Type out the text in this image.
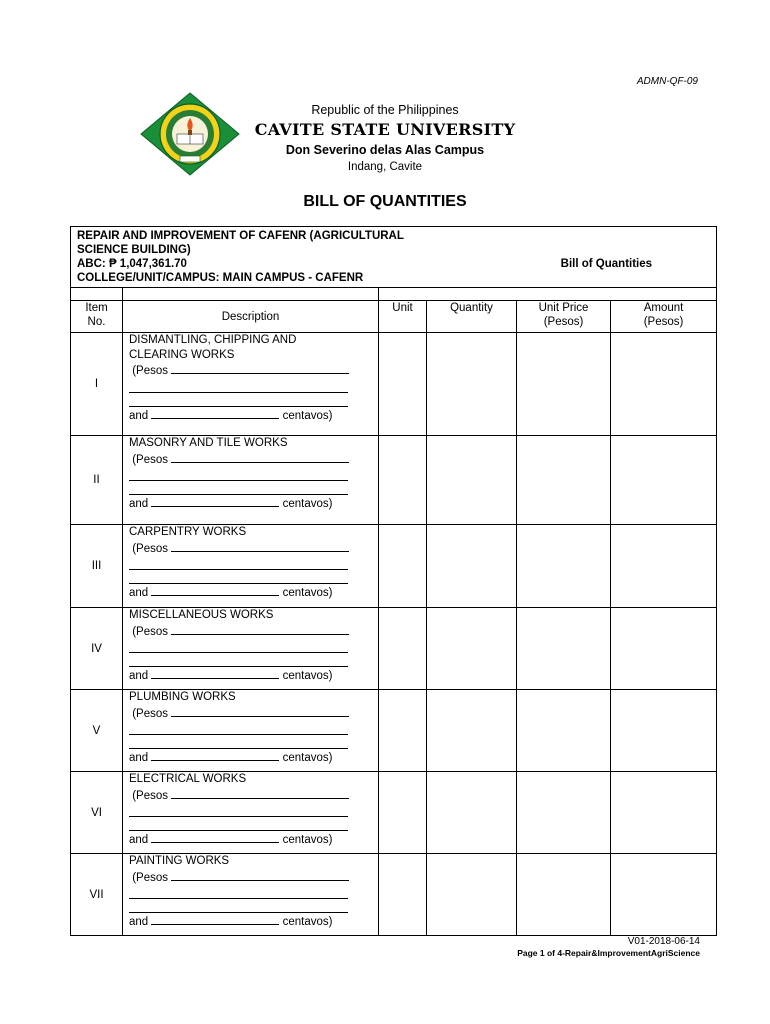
ADMN-QF-09
Republic of the Philippines
CAVITE STATE UNIVERSITY
Don Severino delas Alas Campus
Indang, Cavite
BILL OF QUANTITIES
REPAIR AND IMPROVEMENT OF CAFENR (AGRICULTURAL
SCIENCE BUILDING)
ABC: ₱ 1,047,361.70
COLLEGE/UNIT/CAMPUS: MAIN CAMPUS - CAFENR
Bill of Quantities					

Item No.	Description	Unit	Quantity	Unit Price (Pesos)	Amount (Pesos)

I	DISMANTLING, CHIPPING AND CLEARING WORKS

(Pesos

and

centavos)				

II	MASONRY AND TILE WORKS

(Pesos

and

centavos)				

III	CARPENTRY WORKS

(Pesos

and

centavos)				

IV	MISCELLANEOUS WORKS

(Pesos

and

centavos)				

V	PLUMBING WORKS

(Pesos

and

centavos)				

VI	ELECTRICAL WORKS

(Pesos

and

centavos)				

VII	PAINTING WORKS

(Pesos

and

centavos)				

V01-2018-06-14
Page 1 of 4-Repair&ImprovementAgriScience
